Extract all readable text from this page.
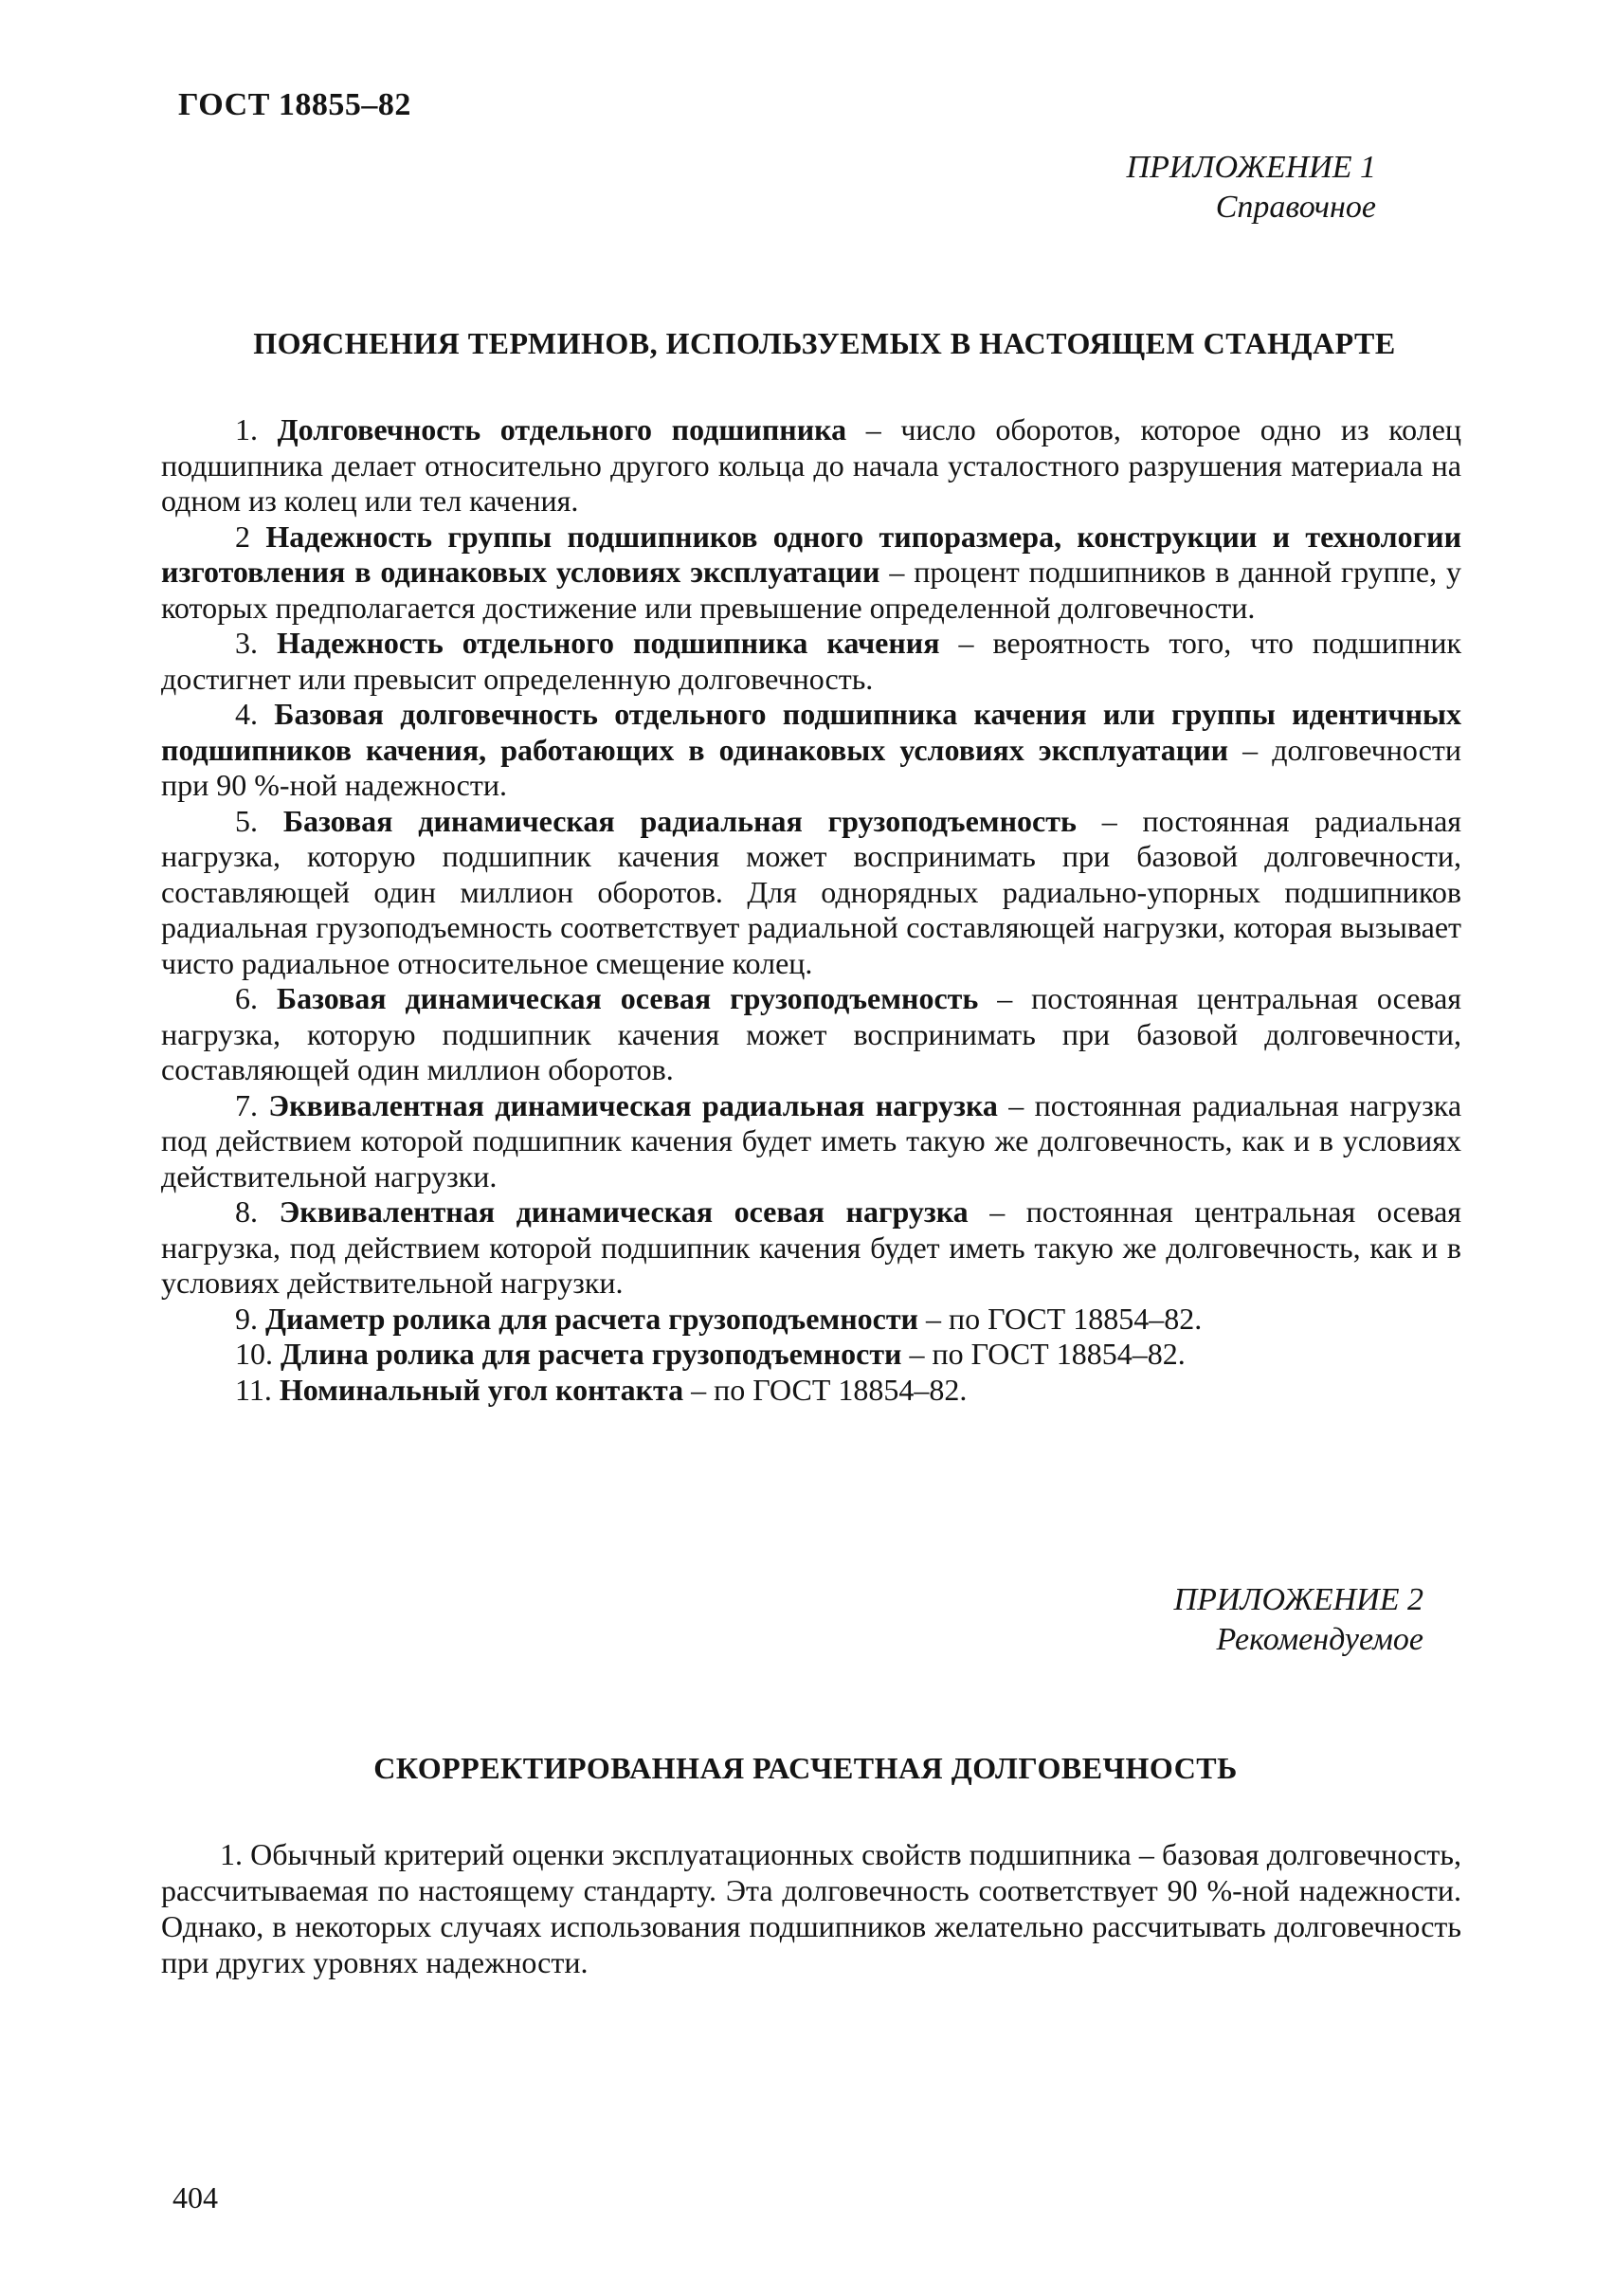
ГОСТ 18855–82
ПРИЛОЖЕНИЕ 1
Справочное
ПОЯСНЕНИЯ ТЕРМИНОВ, ИСПОЛЬЗУЕМЫХ В НАСТОЯЩЕМ СТАНДАРТЕ
1. Долговечность отдельного подшипника – число оборотов, которое одно из колец подшипника делает относительно другого кольца до начала усталостного разрушения материала на одном из колец или тел качения.
2 Надежность группы подшипников одного типоразмера, конструкции и технологии изготовления в одинаковых условиях эксплуатации – процент подшипников в данной группе, у которых предполагается достижение или превышение определенной долговечности.
3. Надежность отдельного подшипника качения – вероятность того, что подшипник достигнет или превысит определенную долговечность.
4. Базовая долговечность отдельного подшипника качения или группы идентичных подшипников качения, работающих в одинаковых условиях эксплуатации – долговечности при 90 %-ной надежности.
5. Базовая динамическая радиальная грузоподъемность – постоянная радиальная нагрузка, которую подшипник качения может воспринимать при базовой долговечности, составляющей один миллион оборотов. Для однорядных радиально-упорных подшипников радиальная грузоподъемность соответствует радиальной составляющей нагрузки, которая вызывает чисто радиальное относительное смещение колец.
6. Базовая динамическая осевая грузоподъемность – постоянная центральная осевая нагрузка, которую подшипник качения может воспринимать при базовой долговечности, составляющей один миллион оборотов.
7. Эквивалентная динамическая радиальная нагрузка – постоянная радиальная нагрузка под действием которой подшипник качения будет иметь такую же долговечность, как и в условиях действительной нагрузки.
8. Эквивалентная динамическая осевая нагрузка – постоянная центральная осевая нагрузка, под действием которой подшипник качения будет иметь такую же долговечность, как и в условиях действительной нагрузки.
9. Диаметр ролика для расчета грузоподъемности – по ГОСТ 18854–82.
10. Длина ролика для расчета грузоподъемности – по ГОСТ 18854–82.
11. Номинальный угол контакта – по ГОСТ 18854–82.
ПРИЛОЖЕНИЕ 2
Рекомендуемое
СКОРРЕКТИРОВАННАЯ РАСЧЕТНАЯ ДОЛГОВЕЧНОСТЬ

1. Обычный критерий оценки эксплуатационных свойств подшипника – базовая долговечность, рассчитываемая по настоящему стандарту. Эта долговечность соответствует 90 %-ной надежности. Однако, в некоторых случаях использования подшипников желательно рассчитывать долговечность при других уровнях надежности.

404
